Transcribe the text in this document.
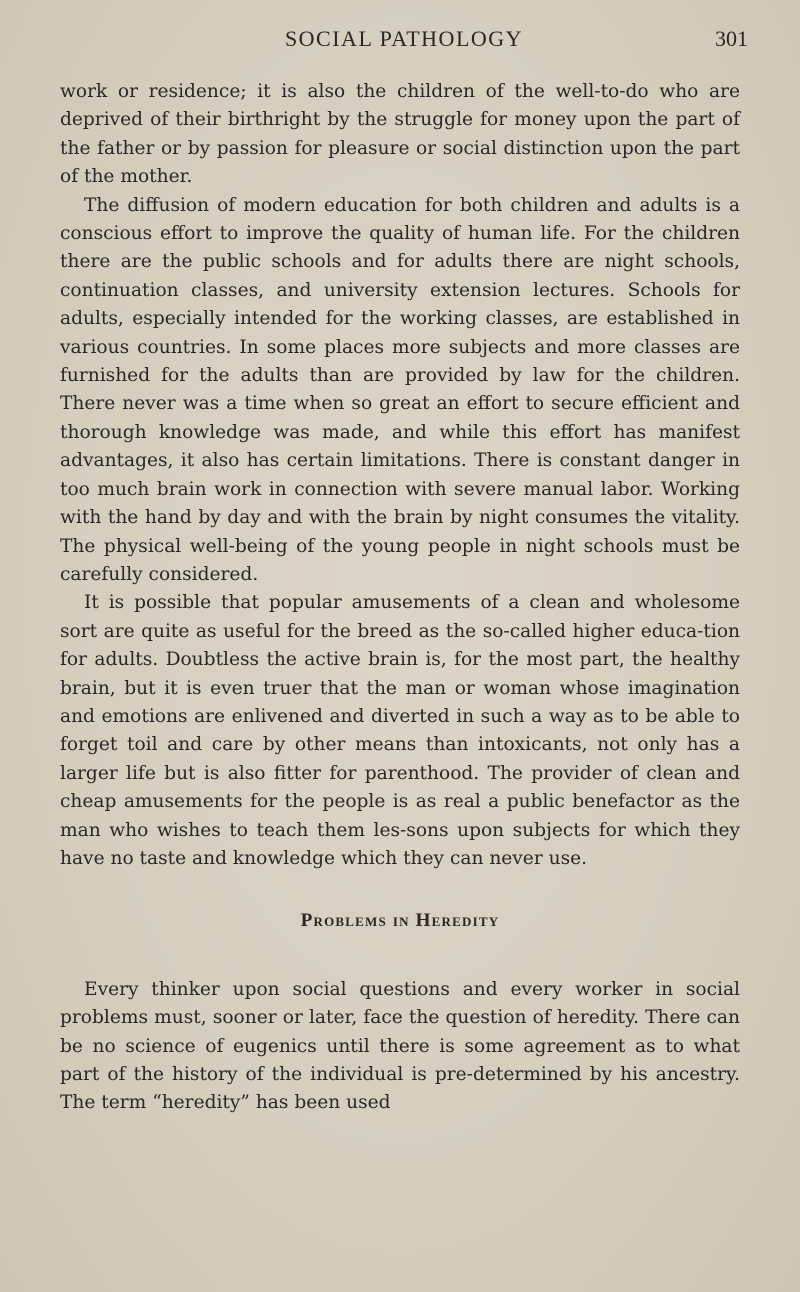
SOCIAL PATHOLOGY	301

work or residence; it is also the children of the well-to-do who are deprived of their birthright by the struggle for money upon the part of the father or by passion for pleasure or social distinction upon the part of the mother.

The diffusion of modern education for both children and adults is a conscious effort to improve the quality of human life. For the children there are the public schools and for adults there are night schools, continuation classes, and university extension lectures. Schools for adults, especially intended for the working classes, are established in various countries. In some places more subjects and more classes are furnished for the adults than are provided by law for the children. There never was a time when so great an effort to secure efficient and thorough knowledge was made, and while this effort has manifest advantages, it also has certain limitations. There is constant danger in too much brain work in connection with severe manual labor. Working with the hand by day and with the brain by night consumes the vitality. The physical well-being of the young people in night schools must be carefully considered.

It is possible that popular amusements of a clean and wholesome sort are quite as useful for the breed as the so-called higher educa-tion for adults. Doubtless the active brain is, for the most part, the healthy brain, but it is even truer that the man or woman whose imagination and emotions are enlivened and diverted in such a way as to be able to forget toil and care by other means than intoxicants, not only has a larger life but is also fitter for parenthood. The provider of clean and cheap amusements for the people is as real a public benefactor as the man who wishes to teach them les-sons upon subjects for which they have no taste and knowledge which they can never use.

Problems in Heredity

Every thinker upon social questions and every worker in social problems must, sooner or later, face the question of heredity. There can be no science of eugenics until there is some agreement as to what part of the history of the individual is pre-determined by his ancestry. The term “heredity” has been used
